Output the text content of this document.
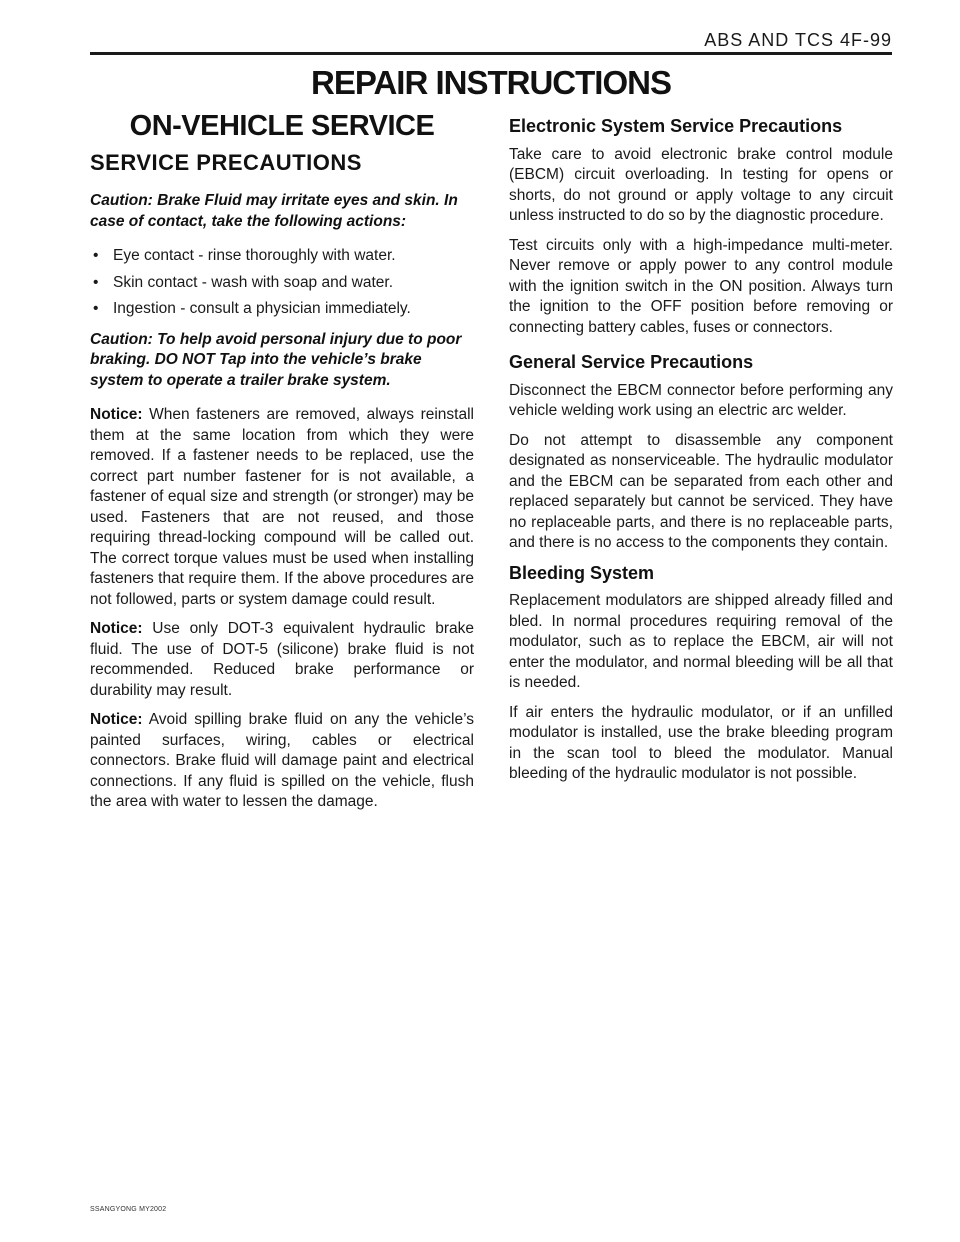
ABS AND TCS 4F-99
REPAIR INSTRUCTIONS
ON-VEHICLE SERVICE
SERVICE PRECAUTIONS

Caution: Brake Fluid may irritate eyes and skin. In case of contact, take the following actions:

• Eye contact - rinse thoroughly with water.
• Skin contact - wash with soap and water.
• Ingestion - consult a physician immediately.

Caution: To help avoid personal injury due to poor braking. DO NOT Tap into the vehicle’s brake system to operate a trailer brake system.

Notice: When fasteners are removed, always reinstall them at the same location from which they were removed. If a fastener needs to be replaced, use the correct part number fastener for is not available, a fastener of equal size and strength (or stronger) may be used. Fasteners that are not reused, and those requiring thread-locking compound will be called out. The correct torque values must be used when installing fasteners that require them. If the above procedures are not followed, parts or system damage could result.

Notice: Use only DOT-3 equivalent hydraulic brake fluid. The use of DOT-5 (silicone) brake fluid is not recommended. Reduced brake performance or durability may result.

Notice: Avoid spilling brake fluid on any the vehicle’s painted surfaces, wiring, cables or electrical connectors. Brake fluid will damage paint and electrical connections. If any fluid is spilled on the vehicle, flush the area with water to lessen the damage.

Electronic System Service Precautions

Take care to avoid electronic brake control module (EBCM) circuit overloading. In testing for opens or shorts, do not ground or apply voltage to any circuit unless instructed to do so by the diagnostic procedure.

Test circuits only with a high-impedance multi-meter. Never remove or apply power to any control module with the ignition switch in the ON position. Always turn the ignition to the OFF position before removing or connecting battery cables, fuses or connectors.

General Service Precautions

Disconnect the EBCM connector before performing any vehicle welding work using an electric arc welder.

Do not attempt to disassemble any component designated as nonserviceable. The hydraulic modulator and the EBCM can be separated from each other and replaced separately but cannot be serviced. They have no replaceable parts, and there is no replaceable parts, and there is no access to the components they contain.

Bleeding System

Replacement modulators are shipped already filled and bled. In normal procedures requiring removal of the modulator, such as to replace the EBCM, air will not enter the modulator, and normal bleeding will be all that is needed.

If air enters the hydraulic modulator, or if an unfilled modulator is installed, use the brake bleeding program in the scan tool to bleed the modulator. Manual bleeding of the hydraulic modulator is not possible.

SSANGYONG MY2002
